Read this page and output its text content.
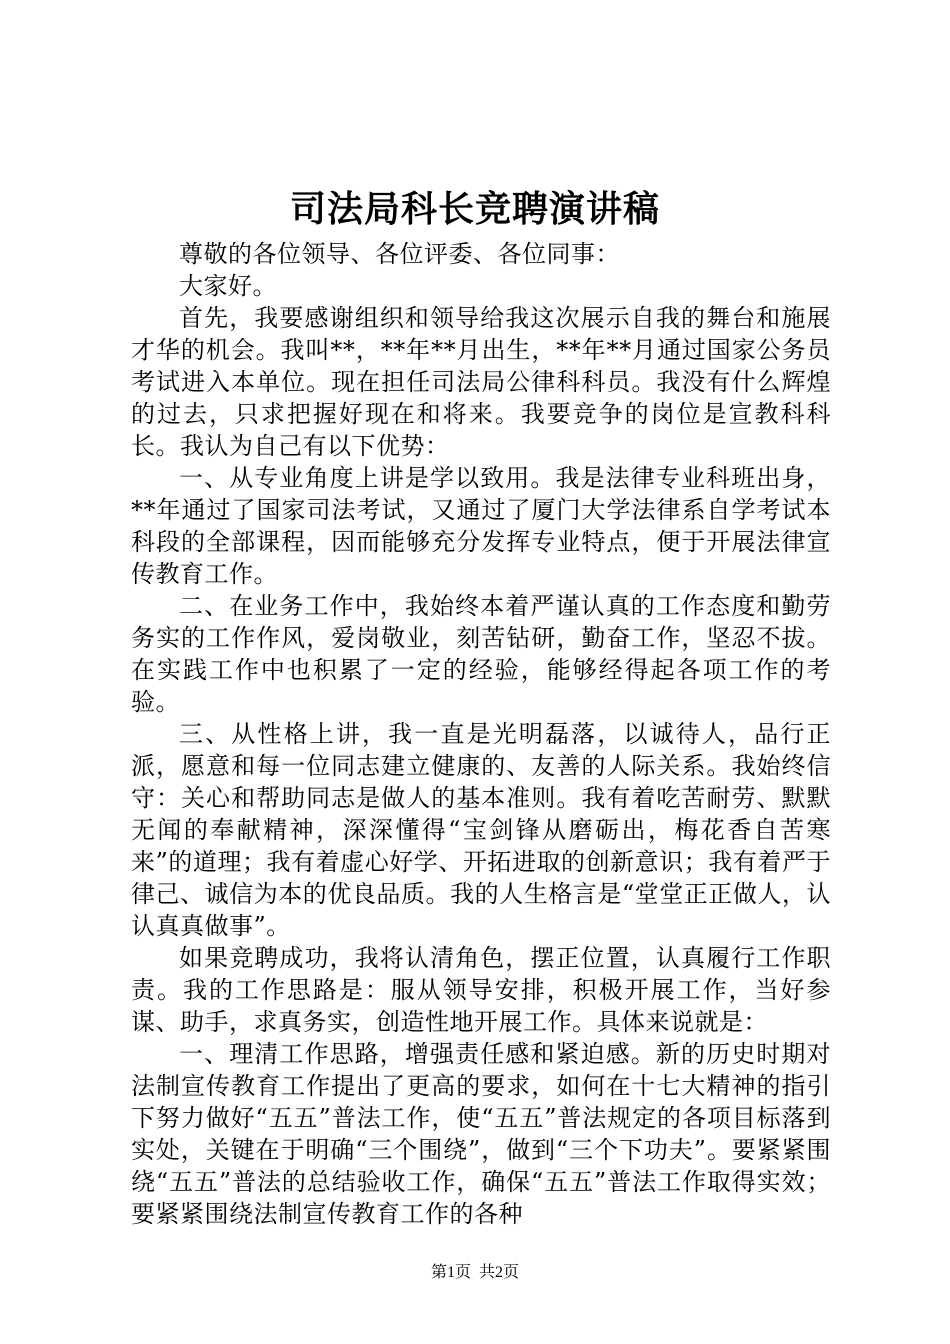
司法局科长竞聘演讲稿

尊敬的各位领导、各位评委、各位同事：

大家好。

首先，我要感谢组织和领导给我这次展示自我的舞台和施展才华的机会。我叫**，**年**月出生，**年**月通过国家公务员考试进入本单位。现在担任司法局公律科科员。我没有什么辉煌的过去，只求把握好现在和将来。我要竞争的岗位是宣教科科长。我认为自己有以下优势：

一、从专业角度上讲是学以致用。我是法律专业科班出身，**年通过了国家司法考试，又通过了厦门大学法律系自学考试本科段的全部课程，因而能够充分发挥专业特点，便于开展法律宣传教育工作。

二、在业务工作中，我始终本着严谨认真的工作态度和勤劳务实的工作作风，爱岗敬业，刻苦钻研，勤奋工作，坚忍不拔。在实践工作中也积累了一定的经验，能够经得起各项工作的考验。

三、从性格上讲，我一直是光明磊落，以诚待人，品行正派，愿意和每一位同志建立健康的、友善的人际关系。我始终信守：关心和帮助同志是做人的基本准则。我有着吃苦耐劳、默默无闻的奉献精神，深深懂得“宝剑锋从磨砺出，梅花香自苦寒来”的道理；我有着虚心好学、开拓进取的创新意识；我有着严于律己、诚信为本的优良品质。我的人生格言是“堂堂正正做人，认认真真做事”。

如果竞聘成功，我将认清角色，摆正位置，认真履行工作职责。我的工作思路是：服从领导安排，积极开展工作，当好参谋、助手，求真务实，创造性地开展工作。具体来说就是：

一、理清工作思路，增强责任感和紧迫感。新的历史时期对法制宣传教育工作提出了更高的要求，如何在十七大精神的指引下努力做好“五五”普法工作，使“五五”普法规定的各项目标落到实处，关键在于明确“三个围绕”，做到“三个下功夫”。要紧紧围绕“五五”普法的总结验收工作，确保“五五”普法工作取得实效；要紧紧围绕法制宣传教育工作的各种

第1页 共2页
